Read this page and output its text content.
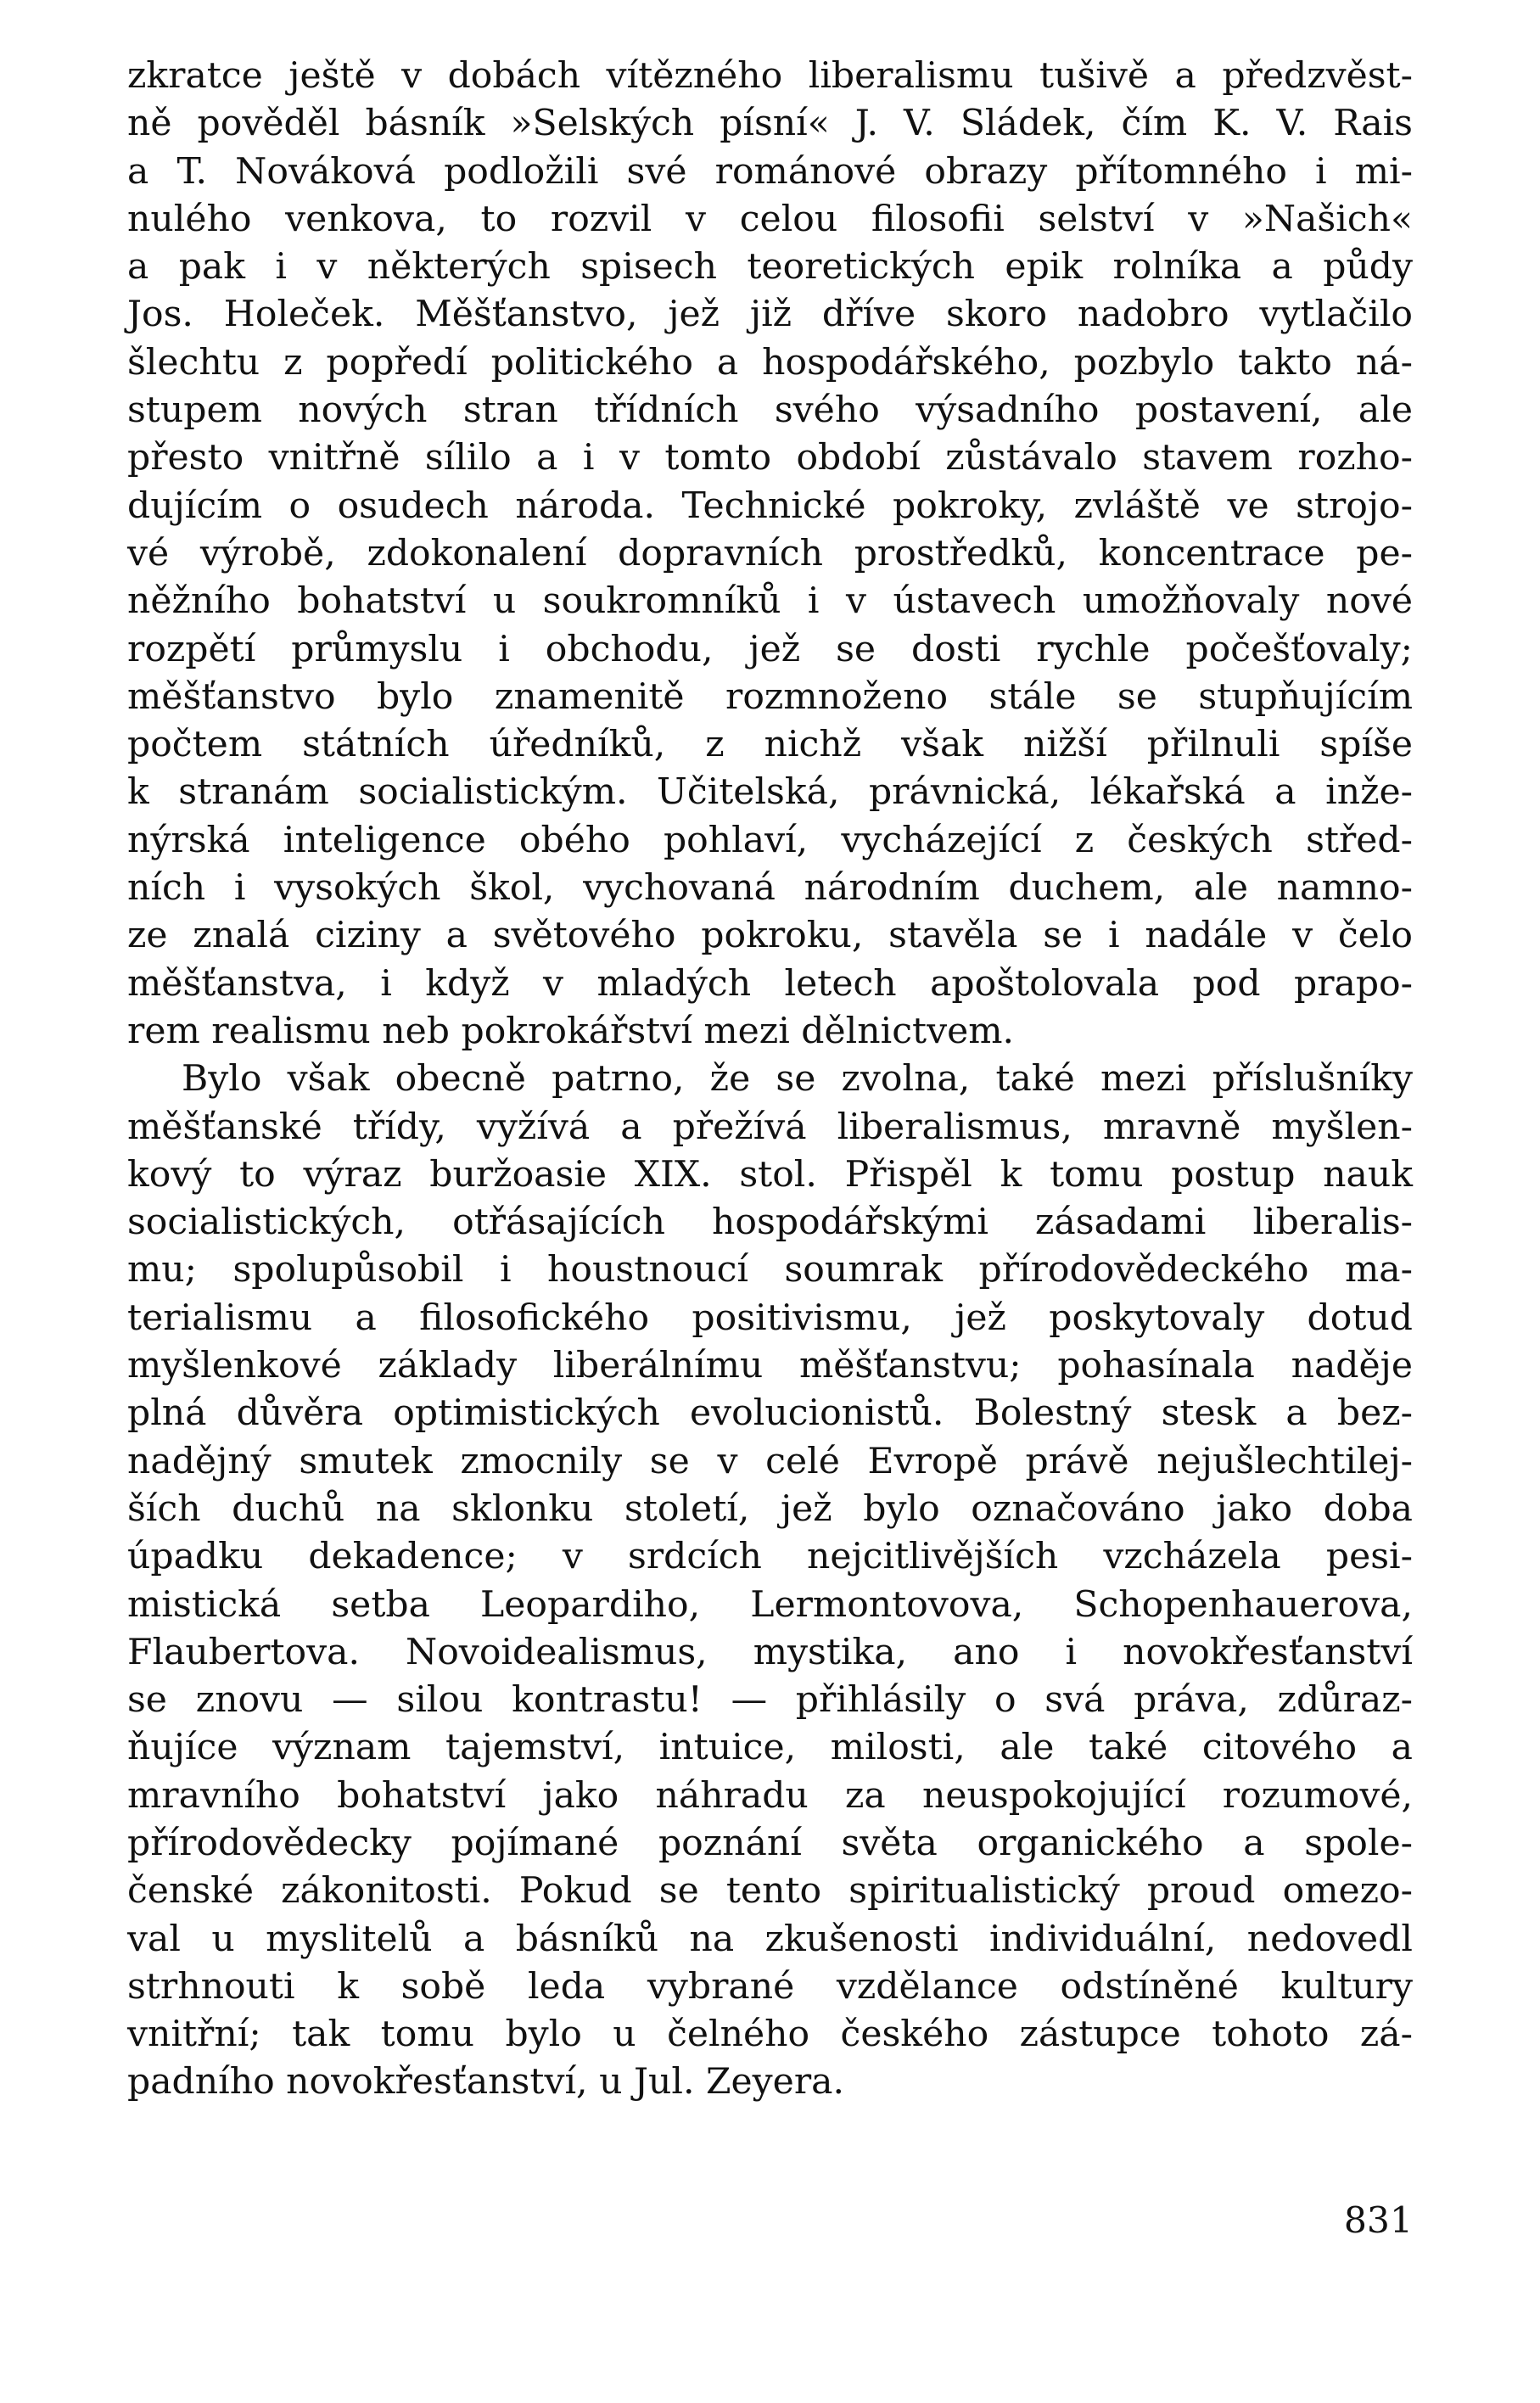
zkratce ještě v dobách vítězného liberalismu tušivě a předzvěst-
ně pověděl básník »Selských písní« J. V. Sládek, čím K. V. Rais
a T. Nováková podložili své románové obrazy přítomného i mi-
nulého venkova, to rozvil v celou filosofii selství v »Našich«
a pak i v některých spisech teoretických epik rolníka a půdy
Jos. Holeček. Měšťanstvo, jež již dříve skoro nadobro vytlačilo
šlechtu z popředí politického a hospodářského, pozbylo takto ná-
stupem nových stran třídních svého výsadního postavení, ale
přesto vnitřně sílilo a i v tomto období zůstávalo stavem rozho-
dujícím o osudech národa. Technické pokroky, zvláště ve strojo-
vé výrobě, zdokonalení dopravních prostředků, koncentrace pe-
něžního bohatství u soukromníků i v ústavech umožňovaly nové
rozpětí průmyslu i obchodu, jež se dosti rychle počešťovaly;
měšťanstvo bylo znamenitě rozmnoženo stále se stupňujícím
počtem státních úředníků, z nichž však nižší přilnuli spíše
k stranám socialistickým. Učitelská, právnická, lékařská a inže-
nýrská inteligence obého pohlaví, vycházející z českých střed-
ních i vysokých škol, vychovaná národním duchem, ale namno-
ze znalá ciziny a světového pokroku, stavěla se i nadále v čelo
měšťanstva, i když v mladých letech apoštolovala pod prapo-
rem realismu neb pokrokářství mezi dělnictvem.
Bylo však obecně patrno, že se zvolna, také mezi příslušníky
měšťanské třídy, vyžívá a přežívá liberalismus, mravně myšlen-
kový to výraz buržoasie XIX. stol. Přispěl k tomu postup nauk
socialistických, otřásajících hospodářskými zásadami liberalis-
mu; spolupůsobil i houstnoucí soumrak přírodovědeckého ma-
terialismu a filosofického positivismu, jež poskytovaly dotud
myšlenkové základy liberálnímu měšťanstvu; pohasínala naděje
plná důvěra optimistických evolucionistů. Bolestný stesk a bez-
nadějný smutek zmocnily se v celé Evropě právě nejušlechtilej-
ších duchů na sklonku století, jež bylo označováno jako doba
úpadku dekadence; v srdcích nejcitlivějších vzcházela pesi-
mistická setba Leopardiho, Lermontovova, Schopenhauerova,
Flaubertova. Novoidealismus, mystika, ano i novokřesťanství
se znovu — silou kontrastu! — přihlásily o svá práva, zdůraz-
ňujíce význam tajemství, intuice, milosti, ale také citového a
mravního bohatství jako náhradu za neuspokojující rozumové,
přírodovědecky pojímané poznání světa organického a spole-
čenské zákonitosti. Pokud se tento spiritualistický proud omezo-
val u myslitelů a básníků na zkušenosti individuální, nedovedl
strhnouti k sobě leda vybrané vzdělance odstíněné kultury
vnitřní; tak tomu bylo u čelného českého zástupce tohoto zá-
padního novokřesťanství, u Jul. Zeyera.
831
